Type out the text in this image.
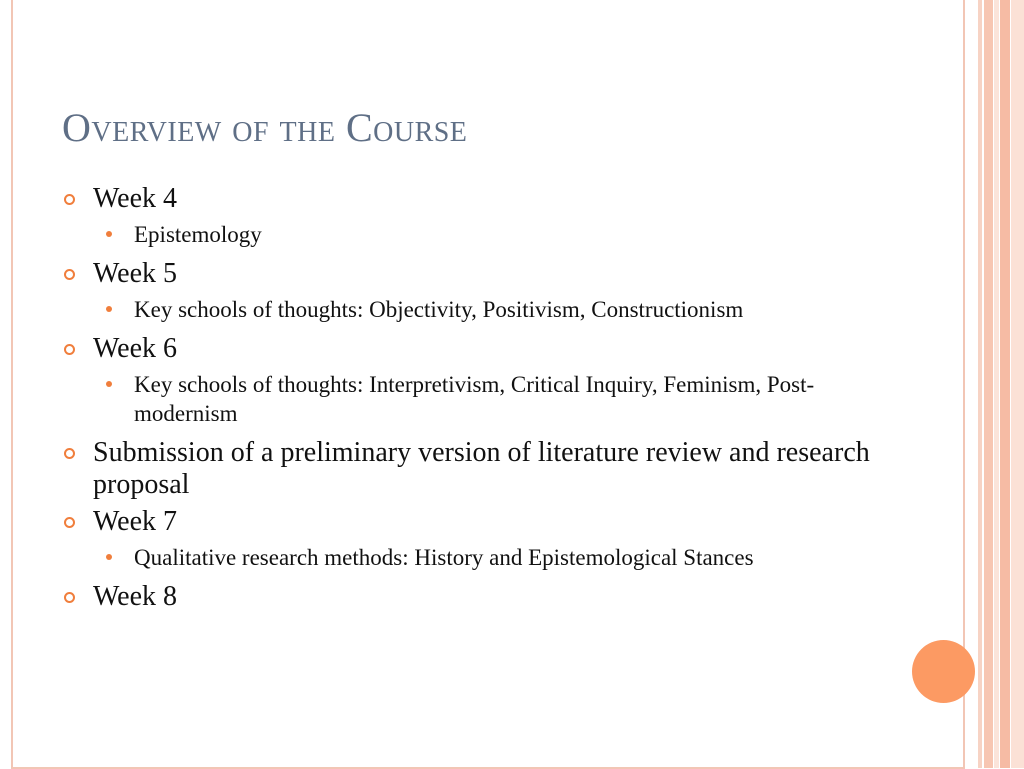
Overview of the Course
Week 4
Epistemology
Week 5
Key schools of thoughts: Objectivity, Positivism, Constructionism
Week 6
Key schools of thoughts: Interpretivism, Critical Inquiry, Feminism, Post-modernism
Submission of a preliminary version of literature review and research proposal
Week 7
Qualitative research methods: History and Epistemological Stances
Week 8
